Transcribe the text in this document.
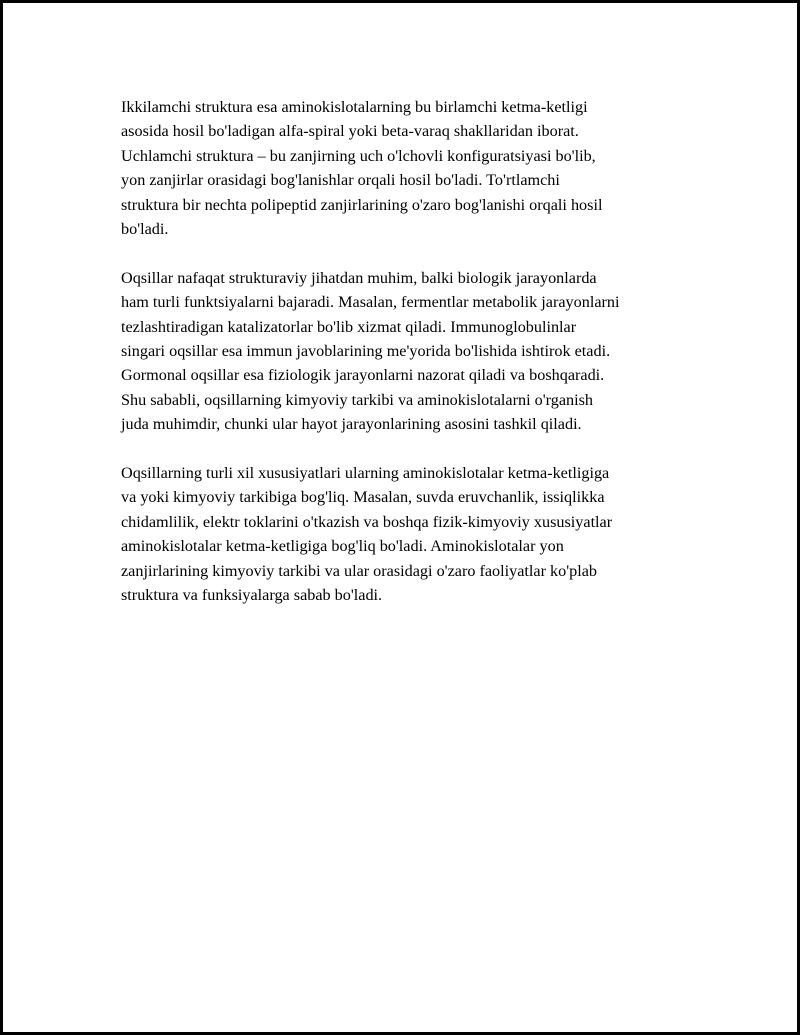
Ikkilamchi struktura esa aminokislotalarning bu birlamchi ketma-ketligi
asosida hosil bo'ladigan alfa-spiral yoki beta-varaq shakllaridan iborat.
Uchlamchi struktura – bu zanjirning uch o'lchovli konfiguratsiyasi bo'lib,
yon zanjirlar orasidagi bog'lanishlar orqali hosil bo'ladi. To'rtlamchi
struktura bir nechta polipeptid zanjirlarining o'zaro bog'lanishi orqali hosil
bo'ladi.

Oqsillar nafaqat strukturaviy jihatdan muhim, balki biologik jarayonlarda
ham turli funktsiyalarni bajaradi. Masalan, fermentlar metabolik jarayonlarni
tezlashtiradigan katalizatorlar bo'lib xizmat qiladi. Immunoglobulinlar
singari oqsillar esa immun javoblarining me'yorida bo'lishida ishtirok etadi.
Gormonal oqsillar esa fiziologik jarayonlarni nazorat qiladi va boshqaradi.
Shu sababli, oqsillarning kimyoviy tarkibi va aminokislotalarni o'rganish
juda muhimdir, chunki ular hayot jarayonlarining asosini tashkil qiladi.

Oqsillarning turli xil xususiyatlari ularning aminokislotalar ketma-ketligiga
va yoki kimyoviy tarkibiga bog'liq. Masalan, suvda eruvchanlik, issiqlikka
chidamlilik, elektr toklarini o'tkazish va boshqa fizik-kimyoviy xususiyatlar
aminokislotalar ketma-ketligiga bog'liq bo'ladi. Aminokislotalar yon
zanjirlarining kimyoviy tarkibi va ular orasidagi o'zaro faoliyatlar ko'plab
struktura va funksiyalarga sabab bo'ladi.
